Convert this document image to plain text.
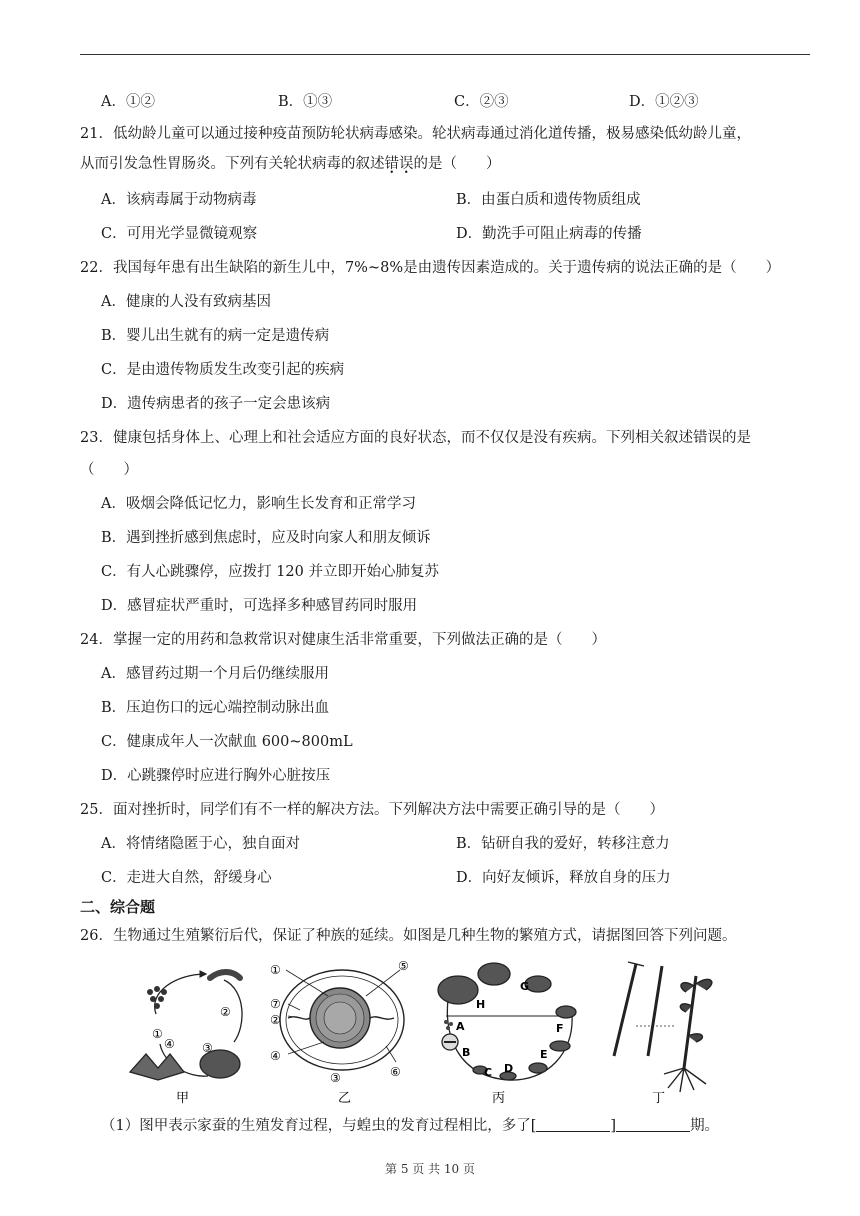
A．①②	B．①③	C．②③	D．①②③
21．低幼龄儿童可以通过接种疫苗预防轮状病毒感染。轮状病毒通过消化道传播，极易感染低幼龄儿童，
从而引发急性胃肠炎。下列有关轮状病毒的叙述错误的是（　　）
A．该病毒属于动物病毒	B．由蛋白质和遗传物质组成
C．可用光学显微镜观察	D．勤洗手可阻止病毒的传播
22．我国每年患有出生缺陷的新生儿中，7%~8%是由遗传因素造成的。关于遗传病的说法正确的是（　　）
A．健康的人没有致病基因
B．婴儿出生就有的病一定是遗传病
C．是由遗传物质发生改变引起的疾病
D．遗传病患者的孩子一定会患该病
23．健康包括身体上、心理上和社会适应方面的良好状态，而不仅仅是没有疾病。下列相关叙述错误的是
（　　）
A．吸烟会降低记忆力，影响生长发育和正常学习
B．遇到挫折感到焦虑时，应及时向家人和朋友倾诉
C．有人心跳骤停，应拨打 120 并立即开始心肺复苏
D．感冒症状严重时，可选择多种感冒药同时服用
24．掌握一定的用药和急救常识对健康生活非常重要，下列做法正确的是（　　）
A．感冒药过期一个月后仍继续服用
B．压迫伤口的远心端控制动脉出血
C．健康成年人一次献血 600~800mL
D．心跳骤停时应进行胸外心脏按压
25．面对挫折时，同学们有不一样的解决方法。下列解决方法中需要正确引导的是（　　）
A．将情绪隐匿于心，独自面对	B．钻研自我的爱好，转移注意力
C．走进大自然，舒缓身心	D．向好友倾诉，释放自身的压力
二、综合题
26．生物通过生殖繁衍后代，保证了种族的延续。如图是几种生物的繁殖方式，请据图回答下列问题。
②
③
④
①
甲
①
⑦
②
④
⑤
⑥
③
乙
A
B
C D
E
F
G
H
丙	丁
（1）图甲表示家蚕的生殖发育过程，与蝗虫的发育过程相比，多了[	]	期。
第 5 页 共 10 页
